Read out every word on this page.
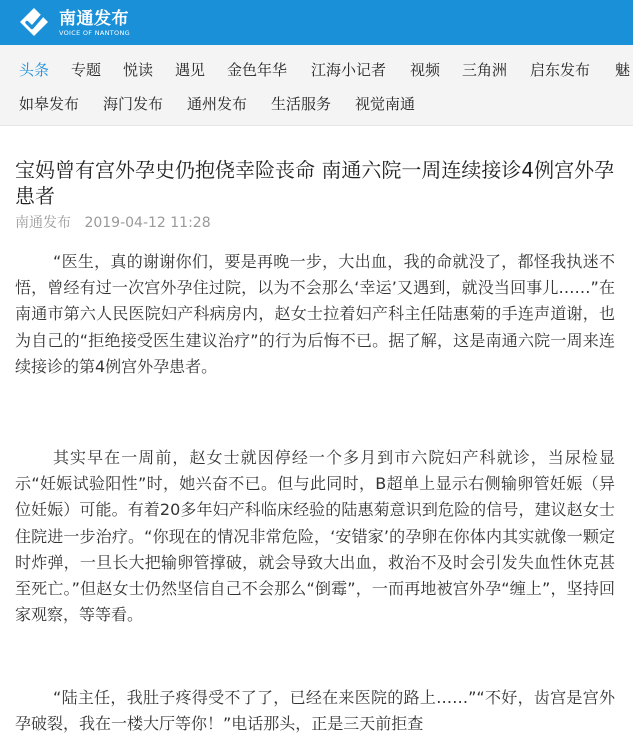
南通发布
VOICE OF NANTONG
头条 专题 悦读 遇见 金色年华 江海小记者 视频 三角洲 启东发布 魅
如皋发布 海门发布 通州发布 生活服务 视觉南通
宝妈曾有宫外孕史仍抱侥幸险丧命 南通六院一周连续接诊4例宫外孕患者
南通发布 2019-04-12 11:28

“医生，真的谢谢你们，要是再晚一步，大出血，我的命就没了，都怪我执迷不悟，曾经有过一次宫外孕住过院，以为不会那么‘幸运’又遇到，就没当回事儿……”在南通市第六人民医院妇产科病房内，赵女士拉着妇产科主任陆惠菊的手连声道谢，也为自己的“拒绝接受医生建议治疗”的行为后悔不已。据了解，这是南通六院一周来连续接诊的第4例宫外孕患者。

其实早在一周前，赵女士就因停经一个多月到市六院妇产科就诊，当尿检显示“妊娠试验阳性”时，她兴奋不已。但与此同时，B超单上显示右侧输卵管妊娠（异位妊娠）可能。有着20多年妇产科临床经验的陆惠菊意识到危险的信号，建议赵女士住院进一步治疗。“你现在的情况非常危险，‘安错家’的孕卵在你体内其实就像一颗定时炸弹，一旦长大把输卵管撑破，就会导致大出血，救治不及时会引发失血性休克甚至死亡。”但赵女士仍然坚信自己不会那么“倒霉”，一而再地被宫外孕“缠上”，坚持回家观察，等等看。

“陆主任，我肚子疼得受不了了，已经在来医院的路上……”“不好，齿宫是宫外孕破裂，我在一楼大厅等你！”电话那头，正是三天前拒查
